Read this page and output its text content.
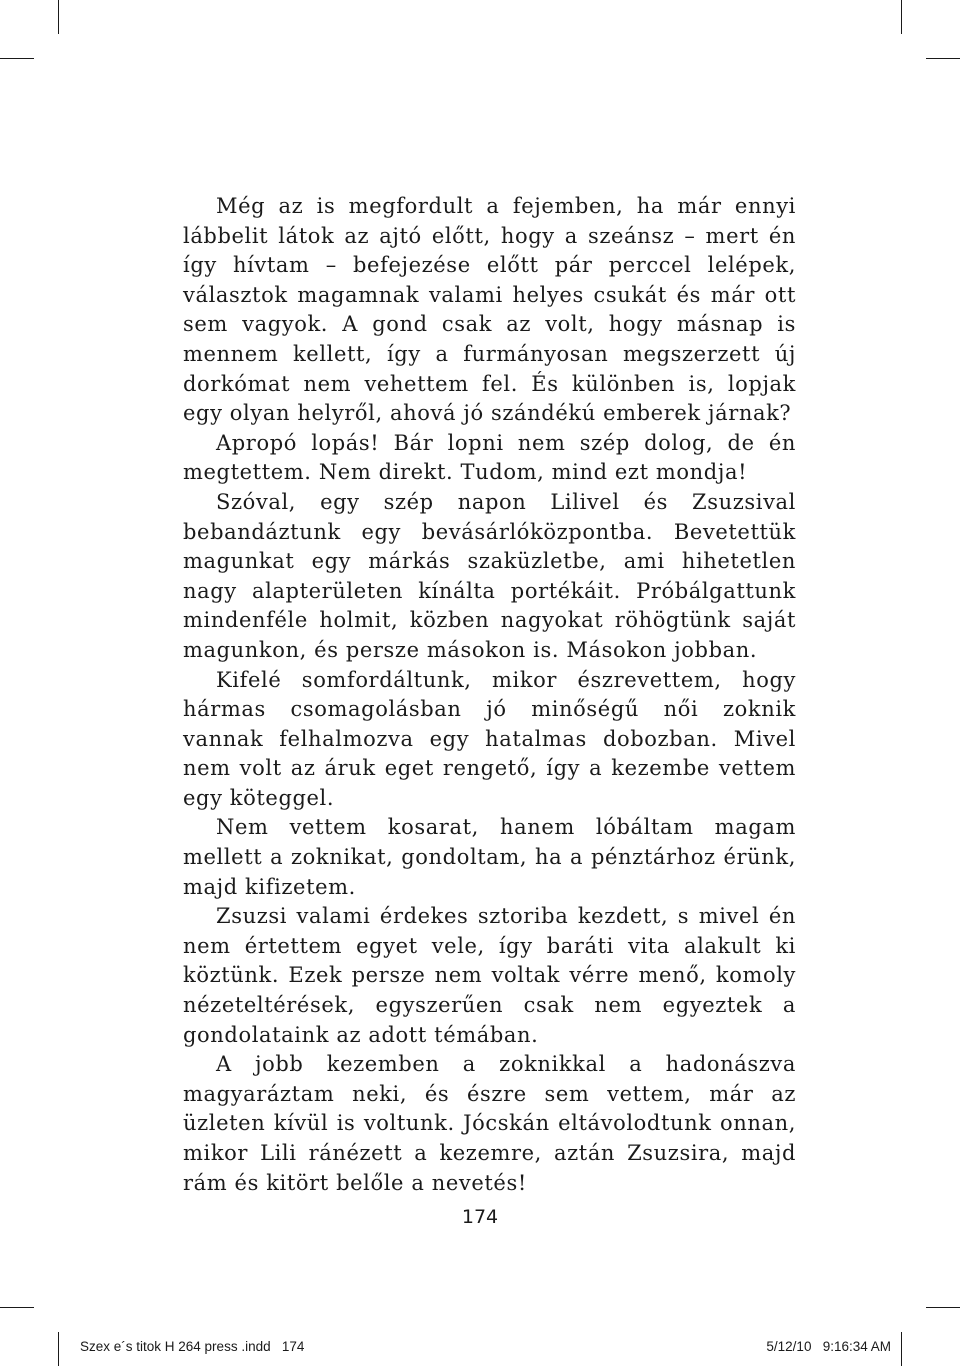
Még az is megfordult a fejemben, ha már ennyi lábbelit látok az ajtó előtt, hogy a szeánsz – mert én így hívtam – befejezése előtt pár perccel lelépek, választok magamnak valami helyes csukát és már ott sem vagyok. A gond csak az volt, hogy másnap is mennem kellett, így a furmányosan megszerzett új dorkómat nem vehettem fel. És különben is, lopjak egy olyan helyről, ahová jó szándékú emberek járnak?

Apropó lopás! Bár lopni nem szép dolog, de én megtettem. Nem direkt. Tudom, mind ezt mondja!

Szóval, egy szép napon Lilivel és Zsuzsival bebandáztunk egy bevásárlóközpontba. Bevetettük magunkat egy márkás szaküzletbe, ami hihetetlen nagy alapterületen kínálta portékáit. Próbálgattunk mindenféle holmit, közben nagyokat röhögtünk saját magunkon, és persze másokon is. Másokon jobban.

Kifelé somfordáltunk, mikor észrevettem, hogy hármas csomagolásban jó minőségű női zoknik vannak felhalmozva egy hatalmas dobozban. Mivel nem volt az áruk eget rengető, így a kezembe vettem egy köteggel.

Nem vettem kosarat, hanem lóbáltam magam mellett a zoknikat, gondoltam, ha a pénztárhoz érünk, majd kifizetem.

Zsuzsi valami érdekes sztoriba kezdett, s mivel én nem értettem egyet vele, így baráti vita alakult ki köztünk. Ezek persze nem voltak vérre menő, komoly nézeteltérések, egyszerűen csak nem egyeztek a gondolataink az adott témában.

A jobb kezemben a zoknikkal a hadonászva magyaráztam neki, és észre sem vettem, már az üzleten kívül is voltunk. Jócskán eltávolodtunk onnan, mikor Lili ránézett a kezemre, aztán Zsuzsira, majd rám és kitört belőle a nevetés!

174
Szex e´s titok H 264 press .indd   174	5/12/10   9:16:34 AM
